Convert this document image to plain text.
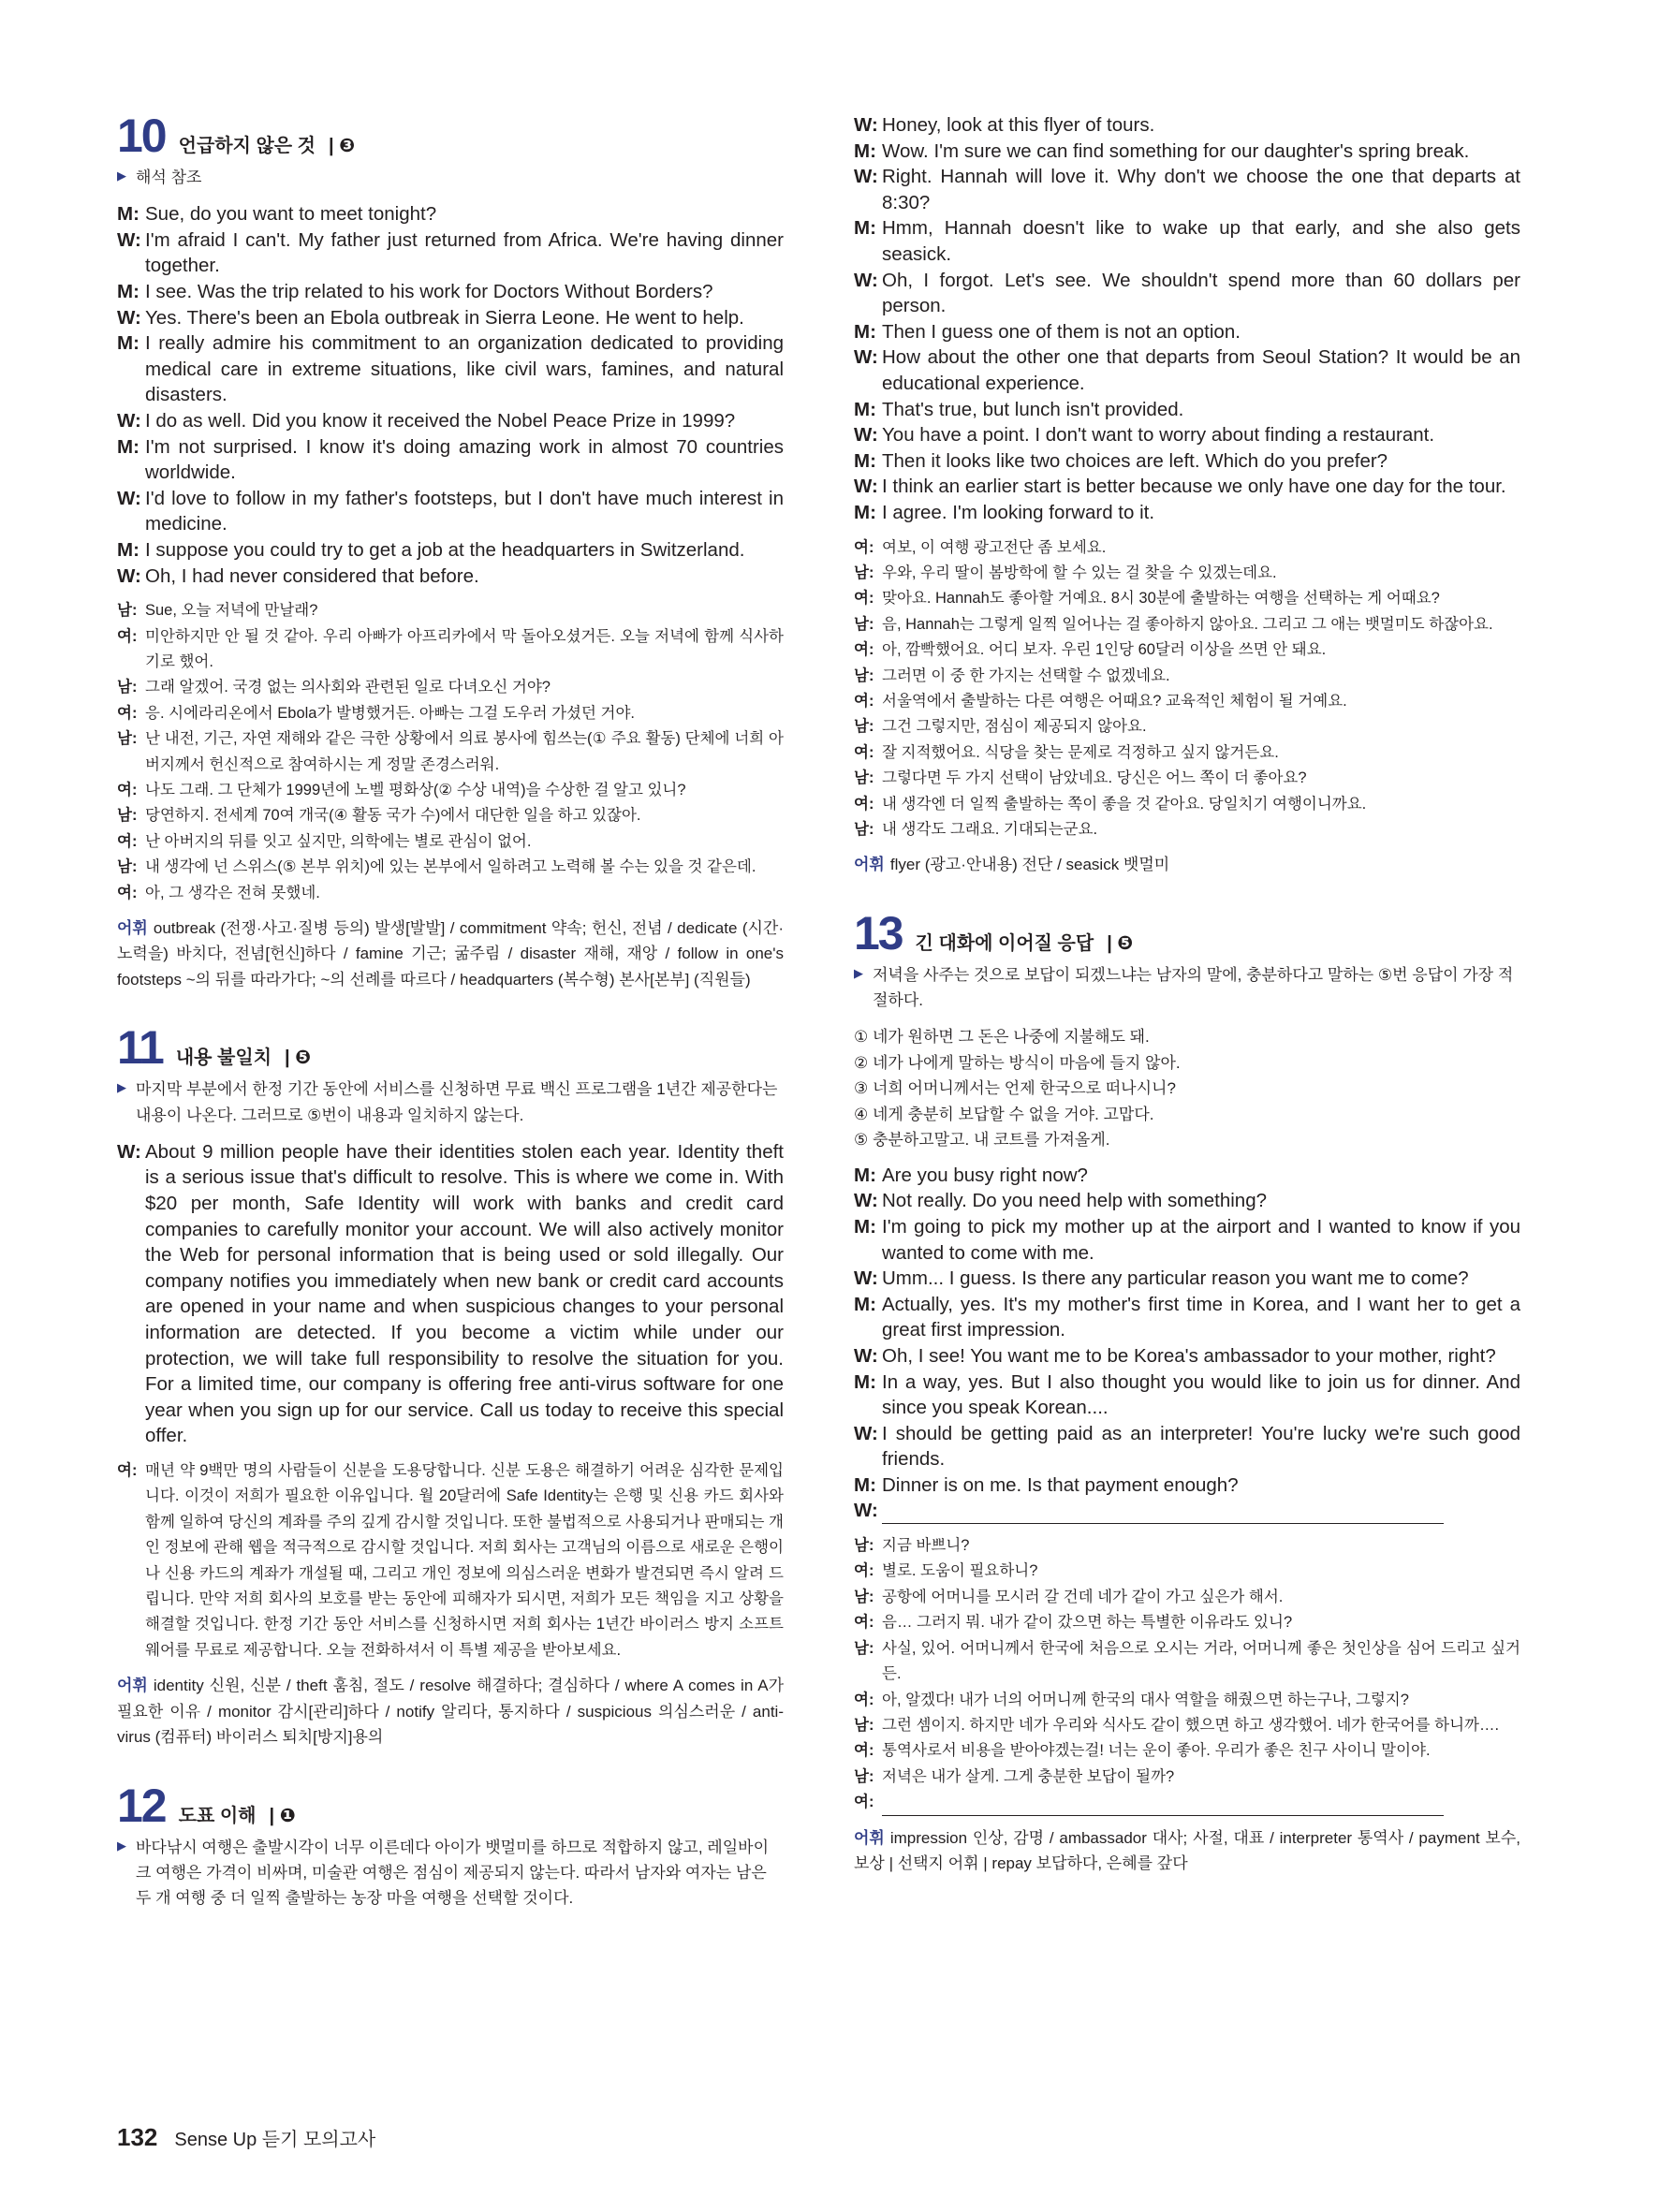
10 언급하지 않은 것 | ❸
▶ 해석 참조
M: Sue, do you want to meet tonight?
W: I'm afraid I can't. My father just returned from Africa. We're having dinner together.
M: I see. Was the trip related to his work for Doctors Without Borders?
W: Yes. There's been an Ebola outbreak in Sierra Leone. He went to help.
M: I really admire his commitment to an organization dedicated to providing medical care in extreme situations, like civil wars, famines, and natural disasters.
W: I do as well. Did you know it received the Nobel Peace Prize in 1999?
M: I'm not surprised. I know it's doing amazing work in almost 70 countries worldwide.
W: I'd love to follow in my father's footsteps, but I don't have much interest in medicine.
M: I suppose you could try to get a job at the headquarters in Switzerland.
W: Oh, I had never considered that before.
남: Sue, 오늘 저녁에 만날래?
여: 미안하지만 안 될 것 같아. 우리 아빠가 아프리카에서 막 돌아오셨거든. 오늘 저녁에 함께 식사하기로 했어.
남: 그래 알겠어. 국경 없는 의사회와 관련된 일로 다녀오신 거야?
여: 응. 시에라리온에서 Ebola가 발병했거든. 아빠는 그걸 도우러 가셨던 거야.
남: 난 내전, 기근, 자연 재해와 같은 극한 상황에서 의료 봉사에 힘쓰는(① 주요 활동) 단체에 너희 아버지께서 헌신적으로 참여하시는 게 정말 존경스러워.
여: 나도 그래. 그 단체가 1999년에 노벨 평화상(② 수상 내역)을 수상한 걸 알고 있니?
남: 당연하지. 전세계 70여 개국(④ 활동 국가 수)에서 대단한 일을 하고 있잖아.
여: 난 아버지의 뒤를 잇고 싶지만, 의학에는 별로 관심이 없어.
남: 내 생각에 넌 스위스(⑤ 본부 위치)에 있는 본부에서 일하려고 노력해 볼 수는 있을 것 같은데.
여: 아, 그 생각은 전혀 못했네.
어휘 outbreak (전쟁·사고·질병 등의) 발생[발발] / commitment 약속; 헌신, 전념 / dedicate (시간·노력을) 바치다, 전념[헌신]하다 / famine 기근; 굶주림 / disaster 재해, 재앙 / follow in one's footsteps ~의 뒤를 따라가다; ~의 선례를 따르다 / headquarters (복수형) 본사[본부] (직원들)
11 내용 불일치 | ❺
▶ 마지막 부분에서 한정 기간 동안에 서비스를 신청하면 무료 백신 프로그램을 1년간 제공한다는 내용이 나온다. 그러므로 ⑤번이 내용과 일치하지 않는다.
W: About 9 million people have their identities stolen each year. Identity theft is a serious issue that's difficult to resolve. This is where we come in. With $20 per month, Safe Identity will work with banks and credit card companies to carefully monitor your account. We will also actively monitor the Web for personal information that is being used or sold illegally. Our company notifies you immediately when new bank or credit card accounts are opened in your name and when suspicious changes to your personal information are detected. If you become a victim while under our protection, we will take full responsibility to resolve the situation for you. For a limited time, our company is offering free anti-virus software for one year when you sign up for our service. Call us today to receive this special offer.
여: 매년 약 9백만 명의 사람들이 신분을 도용당합니다. 신분 도용은 해결하기 어려운 심각한 문제입니다. 이것이 저희가 필요한 이유입니다. 월 20달러에 Safe Identity는 은행 및 신용 카드 회사와 함께 일하여 당신의 계좌를 주의 깊게 감시할 것입니다. 또한 불법적으로 사용되거나 판매되는 개인 정보에 관해 웹을 적극적으로 감시할 것입니다. 저희 회사는 고객님의 이름으로 새로운 은행이나 신용 카드의 계좌가 개설될 때, 그리고 개인 정보에 의심스러운 변화가 발견되면 즉시 알려 드립니다. 만약 저희 회사의 보호를 받는 동안에 피해자가 되시면, 저희가 모든 책임을 지고 상황을 해결할 것입니다. 한정 기간 동안 서비스를 신청하시면 저희 회사는 1년간 바이러스 방지 소프트웨어를 무료로 제공합니다. 오늘 전화하셔서 이 특별 제공을 받아보세요.
어휘 identity 신원, 신분 / theft 훔침, 절도 / resolve 해결하다; 결심하다 / where A comes in A가 필요한 이유 / monitor 감시[관리]하다 / notify 알리다, 통지하다 / suspicious 의심스러운 / anti-virus (컴퓨터) 바이러스 퇴치[방지]용의
12 도표 이해 | ❶
▶ 바다낚시 여행은 출발시각이 너무 이른데다 아이가 뱃멀미를 하므로 적합하지 않고, 레일바이크 여행은 가격이 비싸며, 미술관 여행은 점심이 제공되지 않는다. 따라서 남자와 여자는 남은 두 개 여행 중 더 일찍 출발하는 농장 마을 여행을 선택할 것이다.
W: Honey, look at this flyer of tours.
M: Wow. I'm sure we can find something for our daughter's spring break.
W: Right. Hannah will love it. Why don't we choose the one that departs at 8:30?
M: Hmm, Hannah doesn't like to wake up that early, and she also gets seasick.
W: Oh, I forgot. Let's see. We shouldn't spend more than 60 dollars per person.
M: Then I guess one of them is not an option.
W: How about the other one that departs from Seoul Station? It would be an educational experience.
M: That's true, but lunch isn't provided.
W: You have a point. I don't want to worry about finding a restaurant.
M: Then it looks like two choices are left. Which do you prefer?
W: I think an earlier start is better because we only have one day for the tour.
M: I agree. I'm looking forward to it.
여: 여보, 이 여행 광고전단 좀 보세요.
남: 우와, 우리 딸이 봄방학에 할 수 있는 걸 찾을 수 있겠는데요.
여: 맞아요. Hannah도 좋아할 거예요. 8시 30분에 출발하는 여행을 선택하는 게 어때요?
남: 음, Hannah는 그렇게 일찍 일어나는 걸 좋아하지 않아요. 그리고 그 애는 뱃멀미도 하잖아요.
여: 아, 깜빡했어요. 어디 보자. 우린 1인당 60달러 이상을 쓰면 안 돼요.
남: 그러면 이 중 한 가지는 선택할 수 없겠네요.
여: 서울역에서 출발하는 다른 여행은 어때요? 교육적인 체험이 될 거예요.
남: 그건 그렇지만, 점심이 제공되지 않아요.
여: 잘 지적했어요. 식당을 찾는 문제로 걱정하고 싶지 않거든요.
남: 그렇다면 두 가지 선택이 남았네요. 당신은 어느 쪽이 더 좋아요?
여: 내 생각엔 더 일찍 출발하는 쪽이 좋을 것 같아요. 당일치기 여행이니까요.
남: 내 생각도 그래요. 기대되는군요.
어휘 flyer (광고·안내용) 전단 / seasick 뱃멀미
13 긴 대화에 이어질 응답 | ❺
▶ 저녁을 사주는 것으로 보답이 되겠느냐는 남자의 말에, 충분하다고 말하는 ⑤번 응답이 가장 적절하다.
① 네가 원하면 그 돈은 나중에 지불해도 돼.
② 네가 나에게 말하는 방식이 마음에 들지 않아.
③ 너희 어머니께서는 언제 한국으로 떠나시니?
④ 네게 충분히 보답할 수 없을 거야. 고맙다.
⑤ 충분하고말고. 내 코트를 가져올게.
M: Are you busy right now?
W: Not really. Do you need help with something?
M: I'm going to pick my mother up at the airport and I wanted to know if you wanted to come with me.
W: Umm... I guess. Is there any particular reason you want me to come?
M: Actually, yes. It's my mother's first time in Korea, and I want her to get a great first impression.
W: Oh, I see! You want me to be Korea's ambassador to your mother, right?
M: In a way, yes. But I also thought you would like to join us for dinner. And since you speak Korean....
W: I should be getting paid as an interpreter! You're lucky we're such good friends.
M: Dinner is on me. Is that payment enough?
W:
남: 지금 바쁘니?
여: 별로. 도움이 필요하니?
남: 공항에 어머니를 모시러 갈 건데 네가 같이 가고 싶은가 해서.
여: 음… 그러지 뭐. 내가 같이 갔으면 하는 특별한 이유라도 있니?
남: 사실, 있어. 어머니께서 한국에 처음으로 오시는 거라, 어머니께 좋은 첫인상을 심어 드리고 싶거든.
여: 아, 알겠다! 내가 너의 어머니께 한국의 대사 역할을 해줬으면 하는구나, 그렇지?
남: 그런 셈이지. 하지만 네가 우리와 식사도 같이 했으면 하고 생각했어. 네가 한국어를 하니까….
여: 통역사로서 비용을 받아야겠는걸! 너는 운이 좋아. 우리가 좋은 친구 사이니 말이야.
남: 저녁은 내가 살게. 그게 충분한 보답이 될까?
여:
어휘 impression 인상, 감명 / ambassador 대사; 사절, 대표 / interpreter 통역사 / payment 보수, 보상 | 선택지 어휘 | repay 보답하다, 은혜를 갚다
132 Sense Up 듣기 모의고사
